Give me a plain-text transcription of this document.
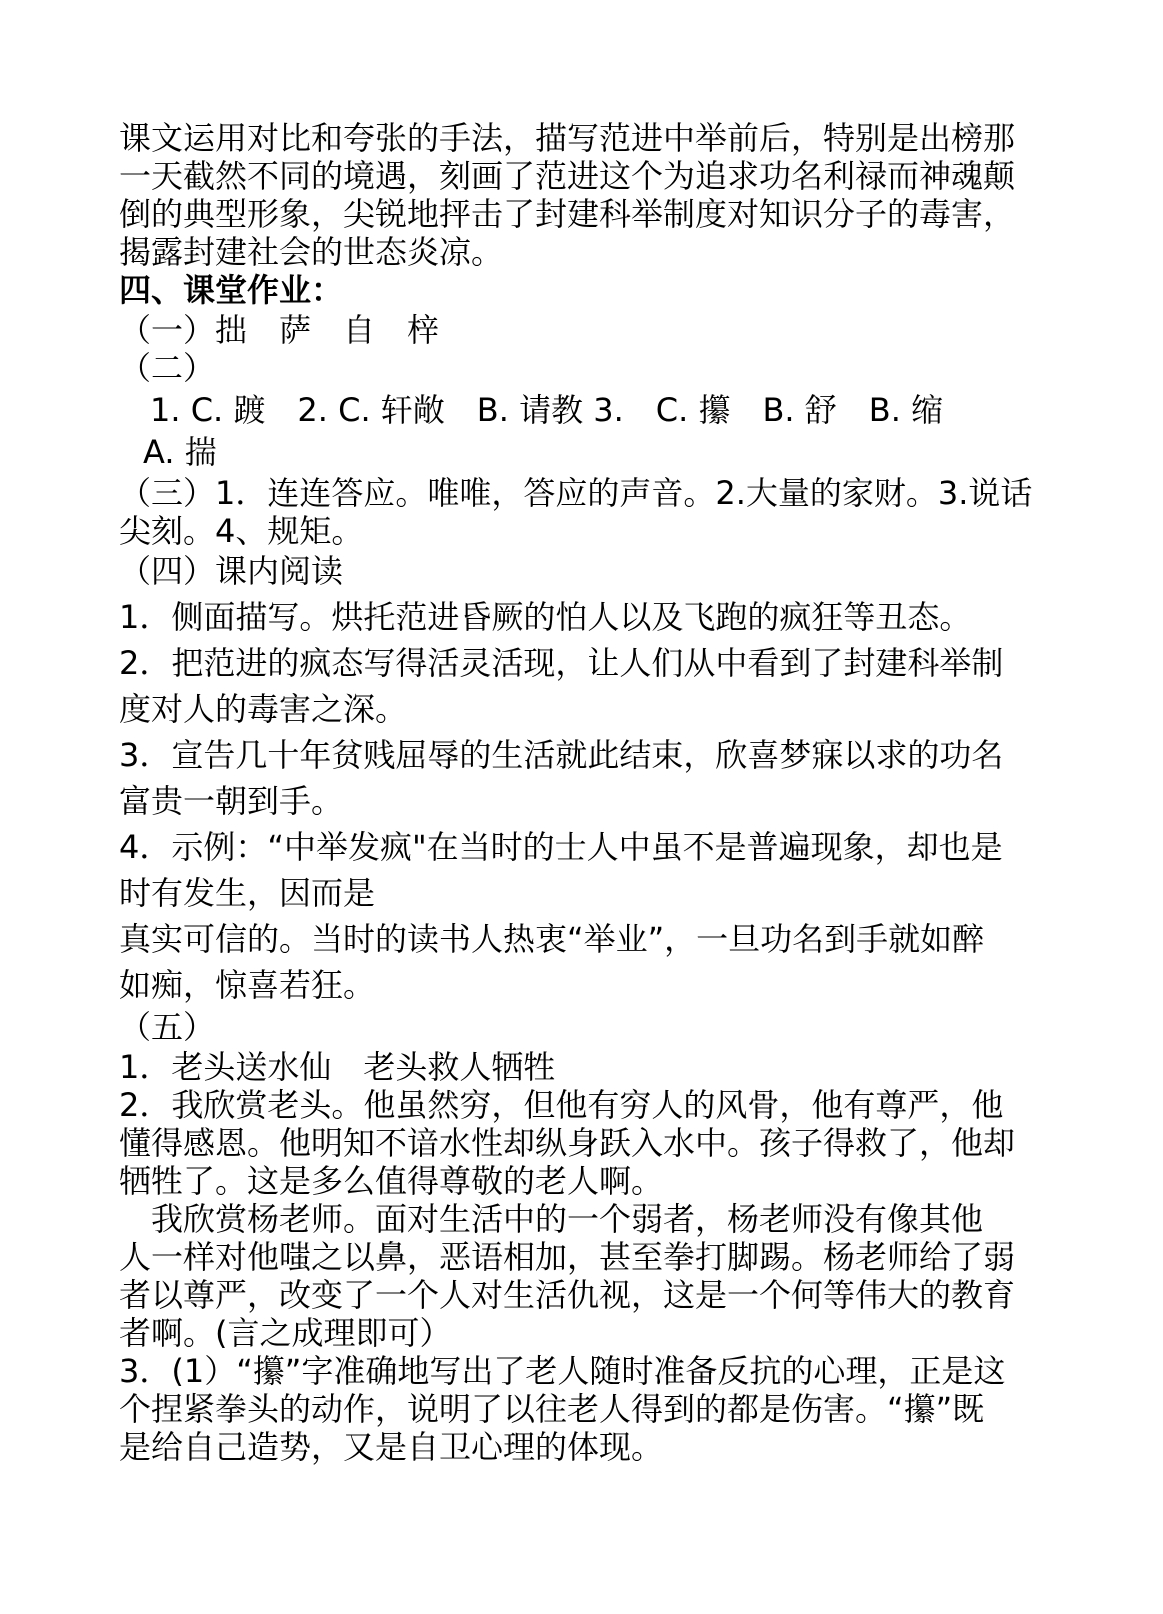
课文运用对比和夸张的手法，描写范进中举前后，特别是出榜那
一天截然不同的境遇，刻画了范进这个为追求功名利禄而神魂颠
倒的典型形象，尖锐地抨击了封建科举制度对知识分子的毒害，
揭露封建社会的世态炎凉。
四、课堂作业：
（一）拙　萨　自　梓
（二）
1. C. 踱　2. C. 轩敞　B. 请教 3.　C. 攥　B. 舒　B. 缩
A. 揣
（三）1．连连答应。唯唯，答应的声音。2.大量的家财。3.说话
尖刻。4、规矩。
（四）课内阅读
1．侧面描写。烘托范进昏厥的怕人以及飞跑的疯狂等丑态。
2．把范进的疯态写得活灵活现，让人们从中看到了封建科举制
度对人的毒害之深。
3．宣告几十年贫贱屈辱的生活就此结束，欣喜梦寐以求的功名
富贵一朝到手。
4．示例：“中举发疯"在当时的士人中虽不是普遍现象，却也是
时有发生，因而是
真实可信的。当时的读书人热衷“举业”，一旦功名到手就如醉
如痴，惊喜若狂。
（五）
1．老头送水仙　老头救人牺牲
2．我欣赏老头。他虽然穷，但他有穷人的风骨，他有尊严，他
懂得感恩。他明知不谙水性却纵身跃入水中。孩子得救了，他却
牺牲了。这是多么值得尊敬的老人啊。
　我欣赏杨老师。面对生活中的一个弱者，杨老师没有像其他
人一样对他嗤之以鼻，恶语相加，甚至拳打脚踢。杨老师给了弱
者以尊严，改变了一个人对生活仇视，这是一个何等伟大的教育
者啊。(言之成理即可）
3．(1）“攥”字准确地写出了老人随时准备反抗的心理，正是这
个捏紧拳头的动作，说明了以往老人得到的都是伤害。“攥”既
是给自己造势，又是自卫心理的体现。
